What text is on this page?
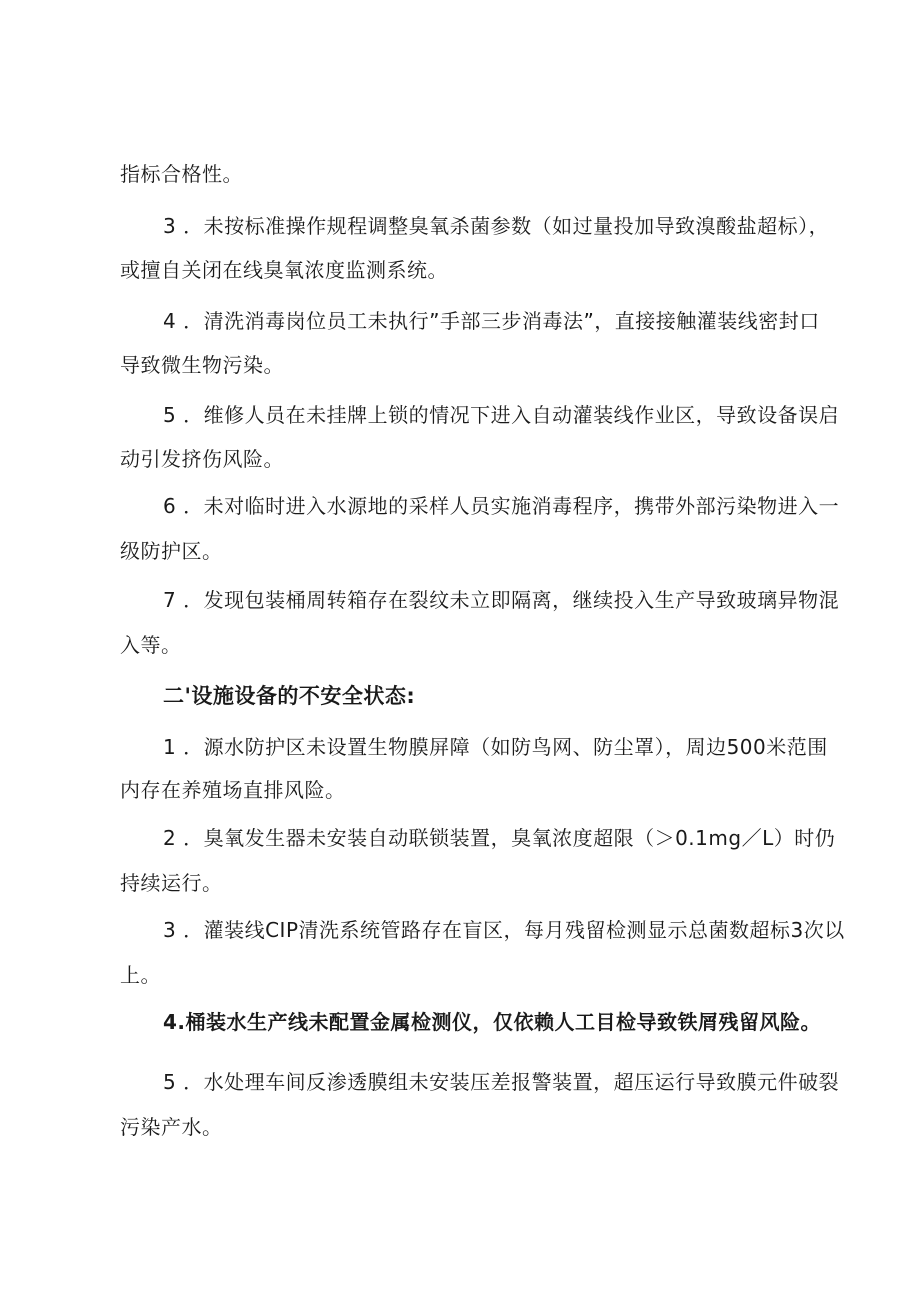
指标合格性。
3 ．未按标准操作规程调整臭氧杀菌参数（如过量投加导致溴酸盐超标），
或擅自关闭在线臭氧浓度监测系统。
4 ．清洗消毒岗位员工未执行”手部三步消毒法”，直接接触灌装线密封口
导致微生物污染。
5 ．维修人员在未挂牌上锁的情况下进入自动灌装线作业区，导致设备误启
动引发挤伤风险。
6 ．未对临时进入水源地的采样人员实施消毒程序，携带外部污染物进入一
级防护区。
7 ．发现包装桶周转箱存在裂纹未立即隔离，继续投入生产导致玻璃异物混
入等。
二'设施设备的不安全状态:
1 ．源水防护区未设置生物膜屏障（如防鸟网、防尘罩），周边500米范围
内存在养殖场直排风险。
2 ．臭氧发生器未安装自动联锁装置，臭氧浓度超限（＞0.1mg／L）时仍
持续运行。
3 ．灌装线CIP清洗系统管路存在盲区，每月残留检测显示总菌数超标3次以
上。
4.桶装水生产线未配置金属检测仪，仅依赖人工目检导致铁屑残留风险。
5 ．水处理车间反渗透膜组未安装压差报警装置，超压运行导致膜元件破裂
污染产水。
